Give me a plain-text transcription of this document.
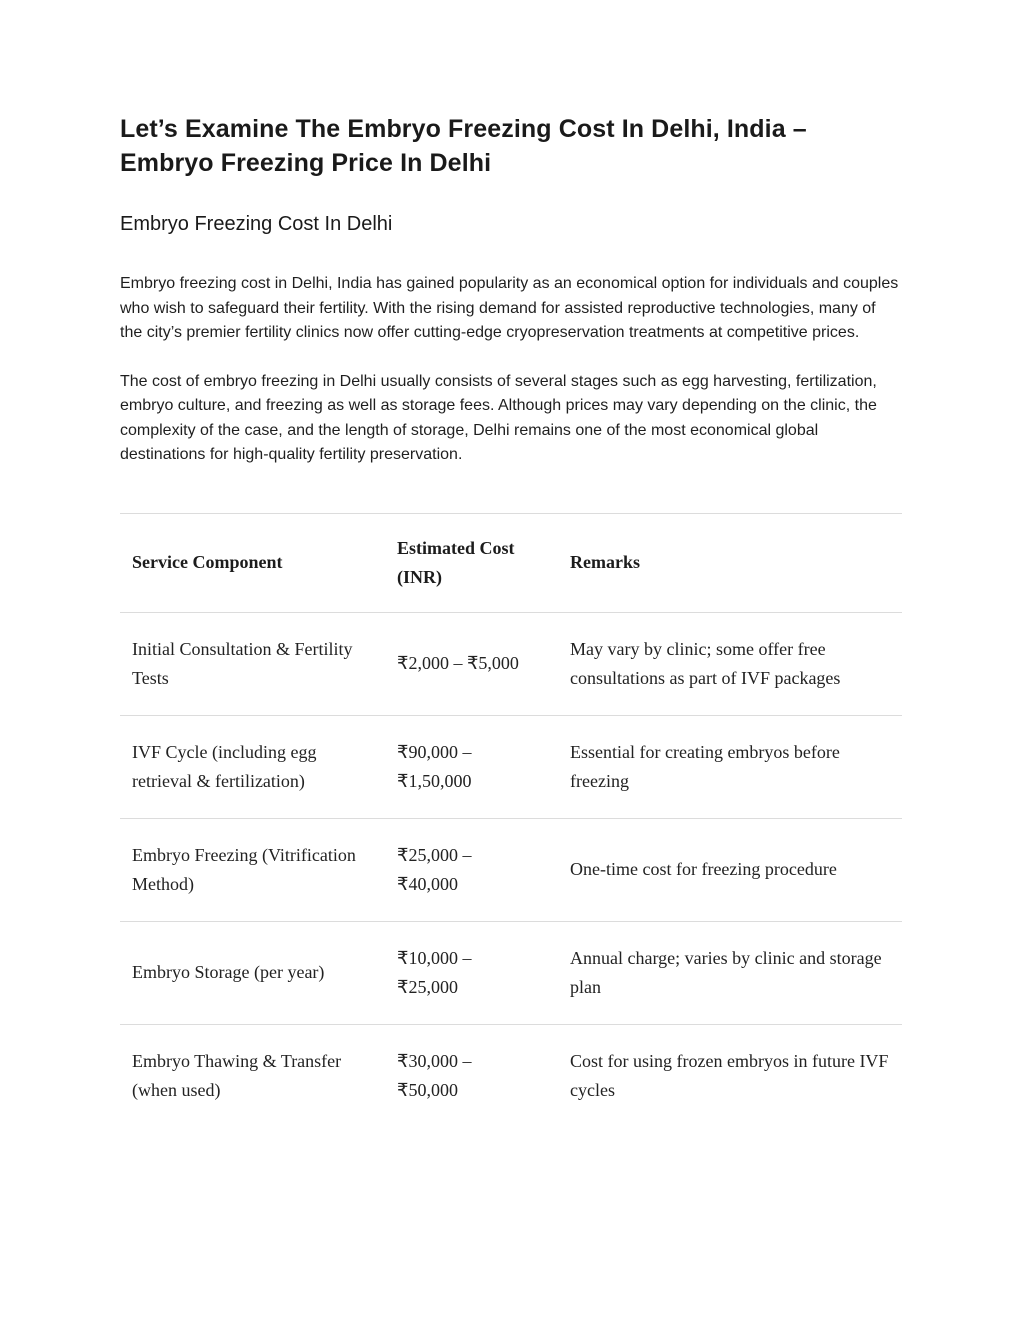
Let’s Examine The Embryo Freezing Cost In Delhi, India – Embryo Freezing Price In Delhi
Embryo Freezing Cost In Delhi

Embryo freezing cost in Delhi, India has gained popularity as an economical option for individuals and couples who wish to safeguard their fertility. With the rising demand for assisted reproductive technologies, many of the city’s premier fertility clinics now offer cutting-edge cryopreservation treatments at competitive prices.

The cost of embryo freezing in Delhi usually consists of several stages such as egg harvesting, fertilization, embryo culture, and freezing as well as storage fees. Although prices may vary depending on the clinic, the complexity of the case, and the length of storage, Delhi remains one of the most economical global destinations for high-quality fertility preservation.

Service Component	Estimated Cost (INR)	Remarks
Initial Consultation & Fertility Tests	₹2,000 – ₹5,000	May vary by clinic; some offer free consultations as part of IVF packages
IVF Cycle (including egg retrieval & fertilization)	₹90,000 – ₹1,50,000	Essential for creating embryos before freezing
Embryo Freezing (Vitrification Method)	₹25,000 – ₹40,000	One-time cost for freezing procedure
Embryo Storage (per year)	₹10,000 – ₹25,000	Annual charge; varies by clinic and storage plan
Embryo Thawing & Transfer (when used)	₹30,000 – ₹50,000	Cost for using frozen embryos in future IVF cycles
